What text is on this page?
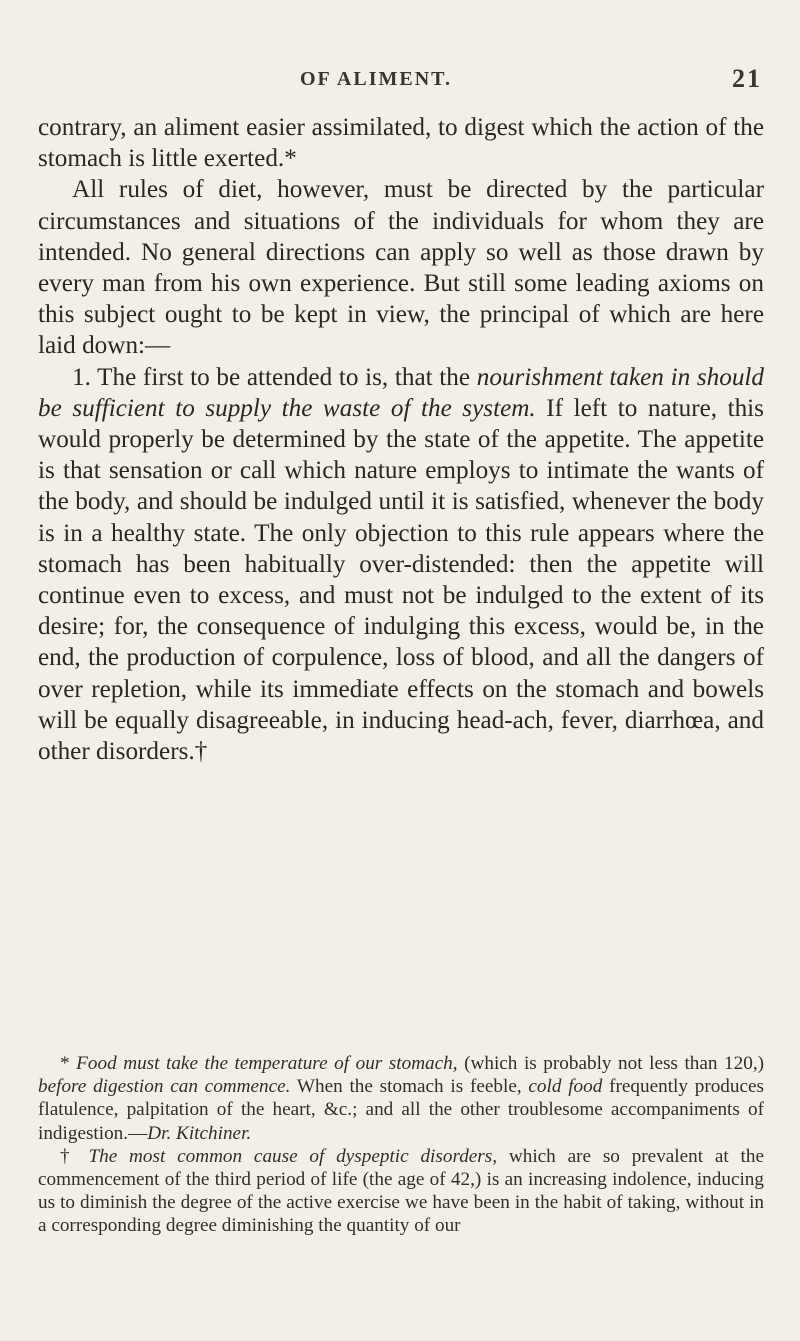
OF ALIMENT.	21

contrary, an aliment easier assimilated, to digest which the action of the stomach is little exerted.*

All rules of diet, however, must be directed by the particular circumstances and situations of the individuals for whom they are intended. No general directions can apply so well as those drawn by every man from his own experience. But still some leading axioms on this subject ought to be kept in view, the principal of which are here laid down:—

1. The first to be attended to is, that the nourishment taken in should be sufficient to supply the waste of the system. If left to nature, this would properly be determined by the state of the appetite. The appetite is that sensation or call which nature employs to intimate the wants of the body, and should be indulged until it is satisfied, whenever the body is in a healthy state. The only objection to this rule appears where the stomach has been habitually over-distended: then the appetite will continue even to excess, and must not be indulged to the extent of its desire; for, the consequence of indulging this excess, would be, in the end, the production of corpulence, loss of blood, and all the dangers of over repletion, while its immediate effects on the stomach and bowels will be equally disagreeable, in inducing head-ach, fever, diarrhœa, and other disorders.†

* Food must take the temperature of our stomach, (which is probably not less than 120,) before digestion can commence. When the stomach is feeble, cold food frequently produces flatulence, palpitation of the heart, &c.; and all the other troublesome accompaniments of indigestion.—Dr. Kitchiner.

† The most common cause of dyspeptic disorders, which are so prevalent at the commencement of the third period of life (the age of 42,) is an increasing indolence, inducing us to diminish the degree of the active exercise we have been in the habit of taking, without in a corresponding degree diminishing the quantity of our
